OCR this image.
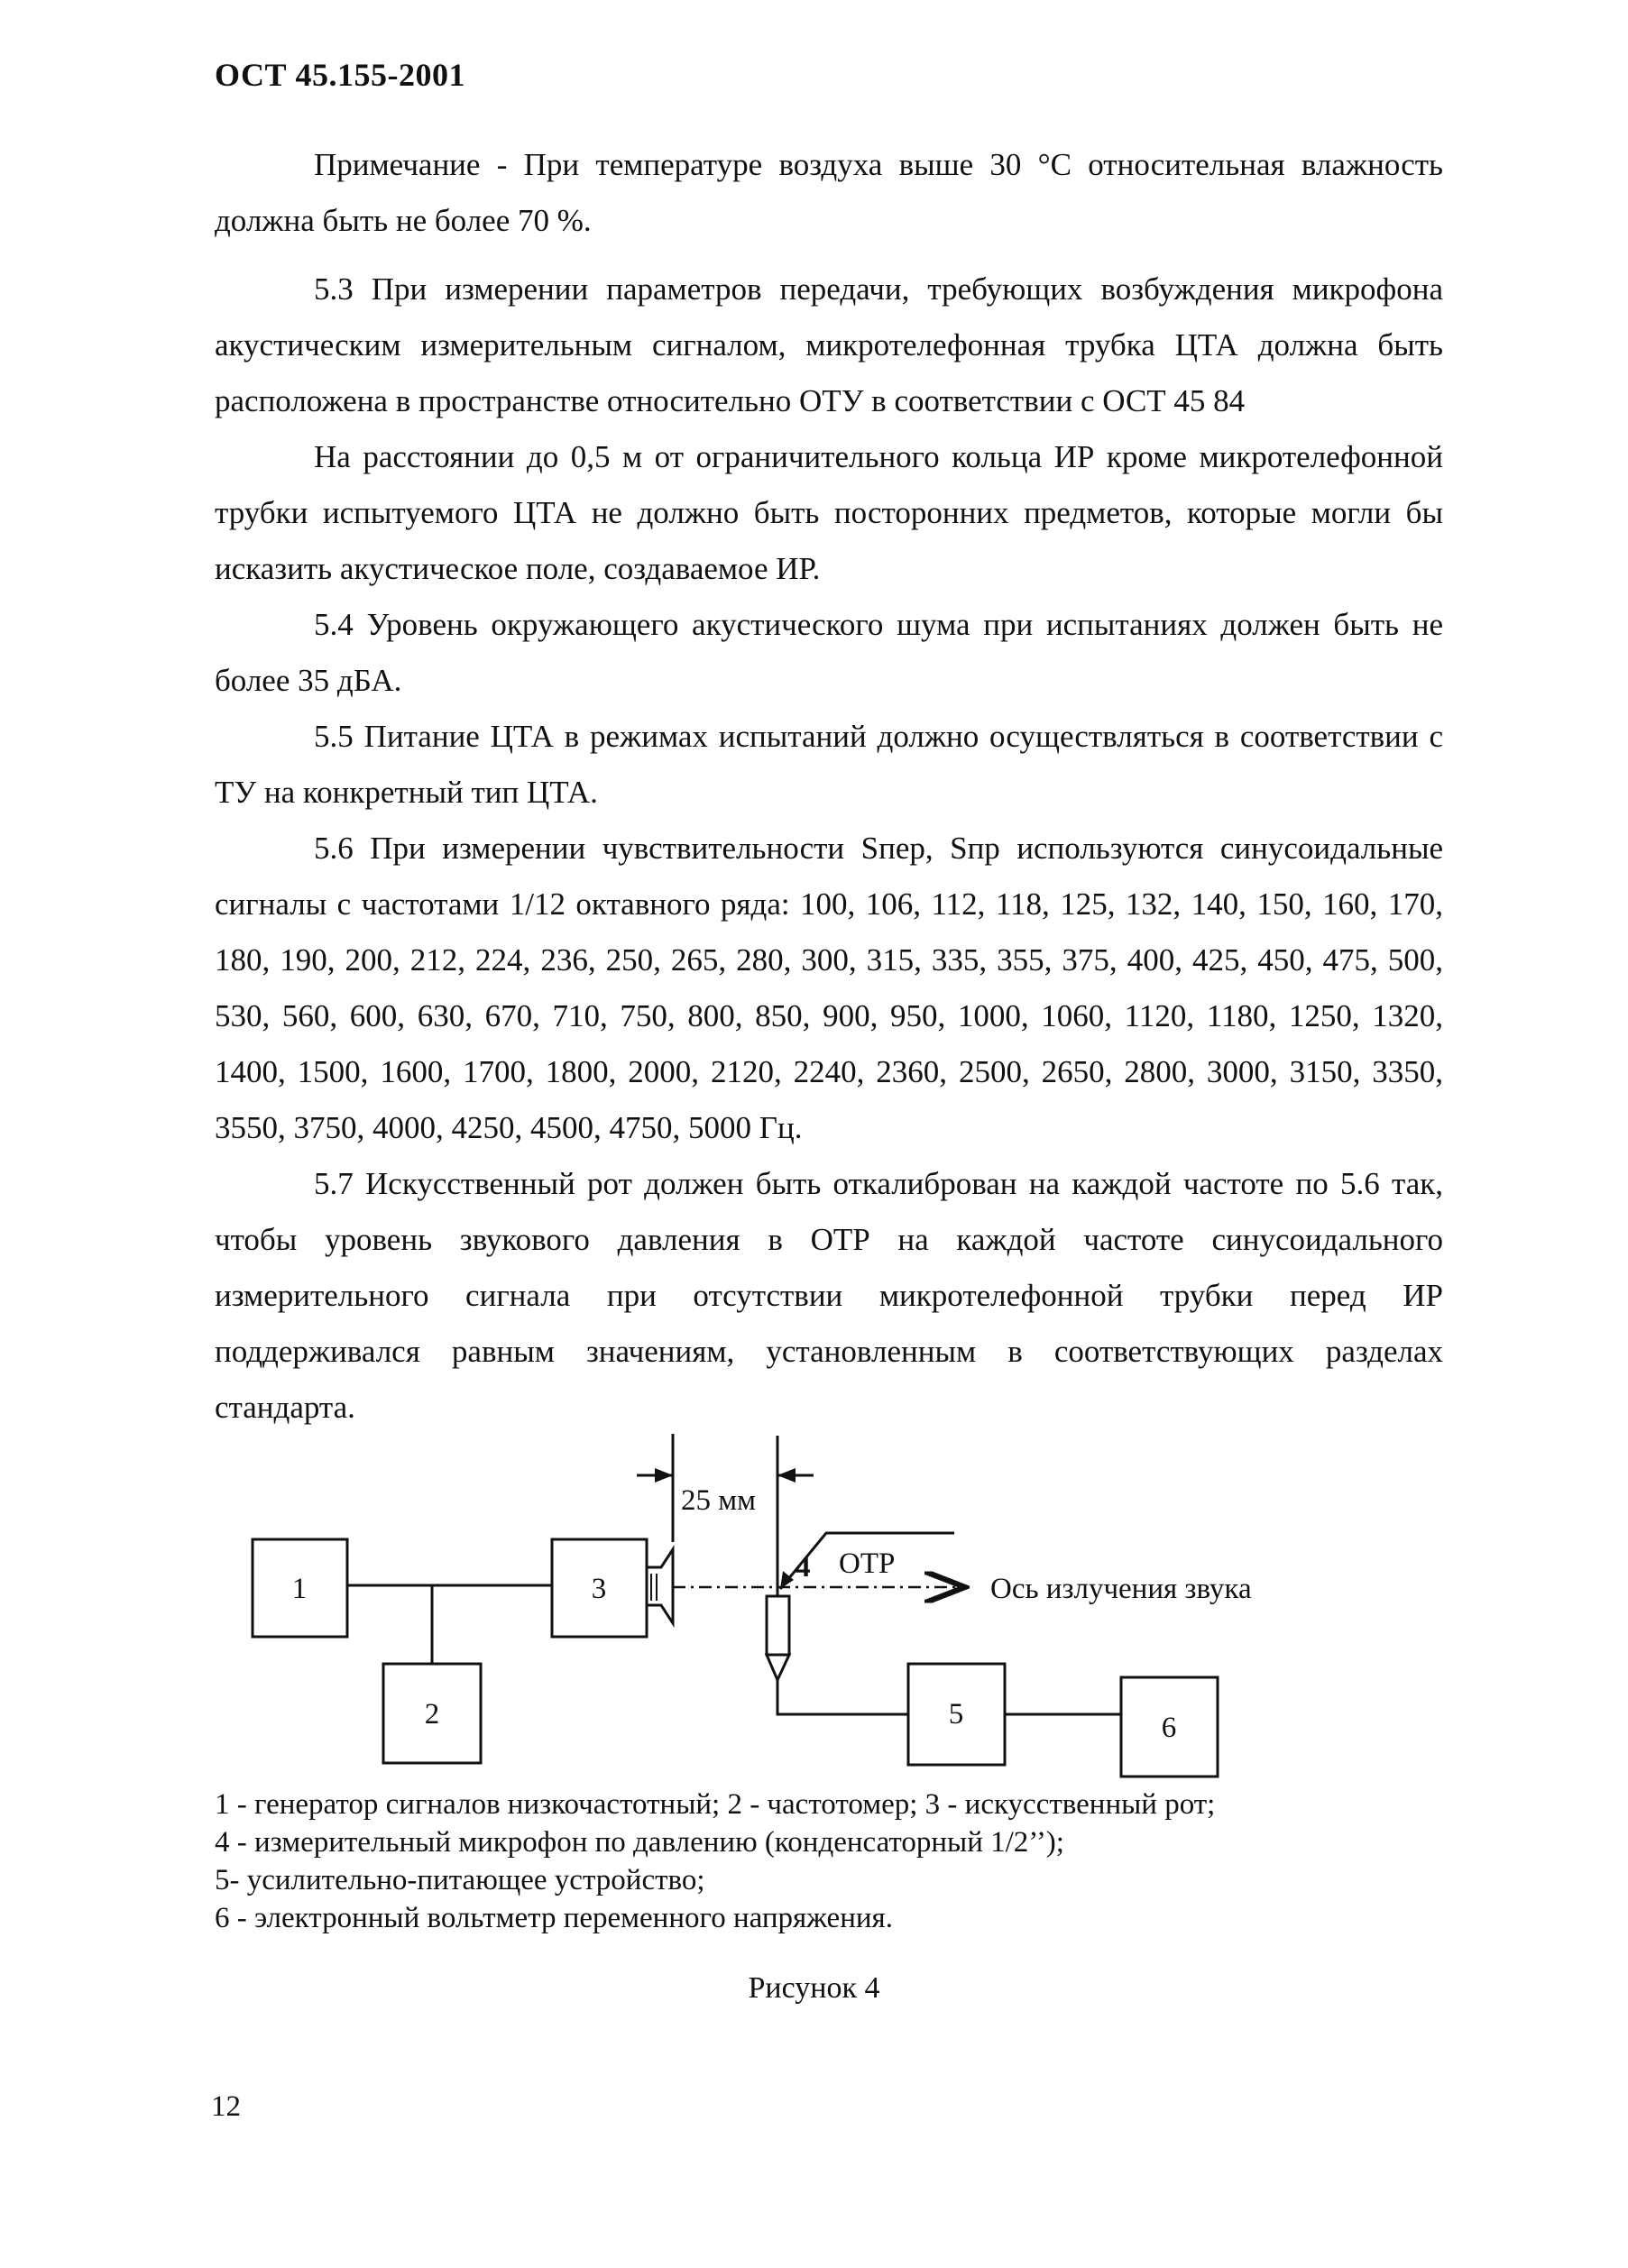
ОСТ 45.155-2001

Примечание - При температуре воздуха выше 30 °С относительная влажность должна быть не более 70 %.

5.3 При измерении параметров передачи, требующих возбуждения микрофона акустическим измерительным сигналом, микротелефонная трубка ЦТА должна быть расположена в пространстве относительно ОТУ в соответствии с ОСТ 45 84

На расстоянии до 0,5 м от ограничительного кольца ИР кроме микротелефонной трубки испытуемого ЦТА не должно быть посторонних предметов, которые могли бы исказить акустическое поле, создаваемое ИР.

5.4 Уровень окружающего акустического шума при испытаниях должен быть не более 35 дБА.

5.5 Питание ЦТА в режимах испытаний должно осуществляться в соответствии с ТУ на конкретный тип ЦТА.

5.6 При измерении чувствительности Sпер, Sпр используются синусоидальные сигналы с частотами 1/12 октавного ряда: 100, 106, 112, 118, 125, 132, 140, 150, 160, 170, 180, 190, 200, 212, 224, 236, 250, 265, 280, 300, 315, 335, 355, 375, 400, 425, 450, 475, 500, 530, 560, 600, 630, 670, 710, 750, 800, 850, 900, 950, 1000, 1060, 1120, 1180, 1250, 1320, 1400, 1500, 1600, 1700, 1800, 2000, 2120, 2240, 2360, 2500, 2650, 2800, 3000, 3150, 3350, 3550, 3750, 4000, 4250, 4500, 4750, 5000 Гц.

5.7 Искусственный рот должен быть откалиброван на каждой частоте по 5.6 так, чтобы уровень звукового давления в ОТР на каждой частоте синусоидального измерительного сигнала при отсутствии микротелефонной трубки перед ИР поддерживался равным значениям, установленным в соответствующих разделах стандарта.

1
2
3
5	6
Ось излучения звука
4 ОТР
25 мм
1 - генератор сигналов низкочастотный; 2 - частотомер; 3 - искусственный рот;
4 - измерительный микрофон по давлению (конденсаторный 1/2’’);
5- усилительно-питающее устройство;
6 - электронный вольтметр переменного напряжения.
Рисунок 4
12
